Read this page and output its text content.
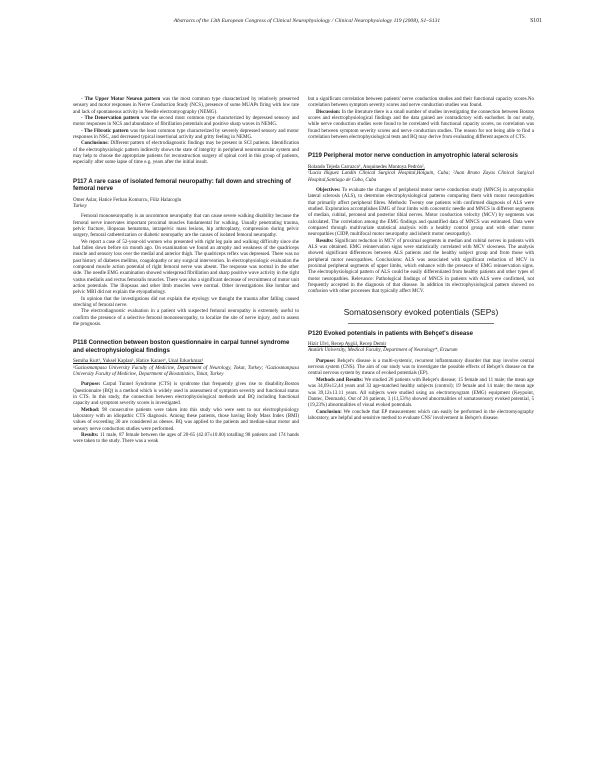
Abstracts of the 13th European Congress of Clinical Neurophysiology / Clinical Neurophysiology 119 (2008), S1–S131	S101

- The Upper Motor Neuron pattern was the most common type characterized by relatively preserved sensory and motor responses in Nerve Conduction Study (NCS), presence of some MUAPs firing with low rate and lack of spontaneous activity in Needle electromyography (NEMG).

- The Denervation pattern was the second most common type characterized by depressed sensory and motor responses in NCS and abundance of fibrillation potentials and positive sharp waves in NEMG.

- The Fibrotic pattern was the least common type characterized by severely depressed sensory and motor responses in NSC, and decreased typical insertional activity and gritty feeling in NEMG.

Conclusions: Different pattern of electrodiagnostic findings may be present in SCI patients. Identification of the electrophysiologic pattern indirectly shows the state of integrity in peripheral neuromuscular system and may help to choose the appropriate patients for reconstruction surgery of spinal cord in this group of patients, especially after some lapse of time e.g. years after the initial insult.

P117 A rare case of isolated femoral neuropathy: fall down and streching of femoral nerve

Omer Aslar, Hatice Ferhan Komurcu, Filiz Halacoglu

Turkey

Femoral mononeuropathy is an uncommon neuropathy that can cause severe walking disability because the femoral nerve innervates important proximal muscles fundamental for walking. Usually penetrating trauma, pelvic fracture, iliopsoas hematoma, intrapelvic mass lesions, hip arthroplasty, compression during pelvic surgery, femoral catheterization or diabetic neuropathy are the causes of isolated femoral neuropathy.

We report a case of 52-year-old women who presented with right leg pain and walking difficulty since she had fallen down before six month ago. On examination we found an atrophy and weakness of the quadriceps muscle and sensory loss over the medial and anterior thigh. The quadriceps reflex was depressed. There was no past history of diabetes mellitus, coagulopathy or any surgical intervention. In electrophysiologic evaluation the compound muscle action potential of right femoral nerve was absent. The response was normal in the other side. The needle EMG examination showed widespread fibrillation and sharp positive wave activity in the right vastus medialis and rectus femoralis muscles. There was also a significant decrease of recruitment of motor unit action potentials. The iliopsoas and other limb muscles were normal. Other investigations like lombar and pelvic MRI did not explain the etyopathology.

In opinion that the investigations did not explain the etyology we thought the trauma after falling caused streching of femoral nerve.

The electrodiagnostic evaluation in a patient with suspected femoral neuropathy is extremely useful to confirm the presence of a selective femoral mononeuropathy, to localize the site of nerve injury, and to assess the prognosis.

P118 Connection between boston questionnaire in carpal tunnel syndrome and electrophysiological findings

Semiha Kurt¹, Yuksel Kaplan¹, Hatice Karaer¹, Unal Erkorkmaz²

¹Gaziosmanpasa University Faculty of Medicine, Department of Neurology, Tokat, Turkey; ²Gaziosmanpasa University Faculty of Medicine, Department of Biostatistics, Tokat, Turkey

Purpose: Carpal Tunnel Syndrome (CTS) is syndrome that frequently gives rise to disability.Boston Questionnaire (BQ) is a method which is widely used in assessment of symptom severity and functional status in CTS. In this study, the connection between electrophysiological methods and BQ including functional capacity and symptom severity scores is investigated.

Method: 98 consecutive patients were taken into this study who were sent to our electrophysiology laboratory with an idiopathic CTS diagnosis. Among these patients, those having Body Mass Index (BMI) values of exceeding 30 are considered as obeses. BQ was applied to the patients and median-ulnar motor and sensory nerve conduction studies were performed.

Results: 11 male, 87 female between the ages of 20-65 (42.07±10.00) totalling 98 patients and 174 hands were taken to the study. There was a weak

but a significant correlation between patients' nerve conduction studies and their functional capacity scores.No correlation between symptom severity scores and nerve conduction studies was found.

Discussion: In the literature there is a small number of studies investigating the connection between Boston scores and electrophysiological findings and the data gained are contradictory with eachother. In our study, while nerve conduction studies were found to be correlated with functional capacity scores, no correlation was found between symptom severity scores and nerve conduction studies. The reason for not being able to find a correlation between electrophysiological tests and BQ may derive from evaluating different aspects of CTS.

P119 Peripheral motor nerve conduction in amyotrophic lateral sclerosis

Rolando Tejeda Carrazco¹, Anquinedes Montoya Pedrón²,

¹Lucía Iñiguez Landín Clinical Surgical Hospital,Holguín, Cuba; ²Juan Bruno Zayas Clinical Surgical Hospital,Santiago de Cuba, Cuba

Objectives: To evaluate the changes of peripheral motor nerve conduction study (MNCS) in amyotrophic lateral sclerosis (ALS), to determine electrophysiological patterns comparing them with motor neuropathies that primarily affect peripheral fibres. Methods: Twenty one patients with confirmed diagnosis of ALS were studied. Exploration accomplishes EMG of four limbs with concentric needle and MNCS in different segments of median, cubital, peroneal and posterior tibial nerves. Motor conduction velocity (MCV) by segments was calculated. The correlation among the EMG findings and quantified data of MNCS was estimated. Data were compared through multivariate statistical analysis with a healthy control group and with other motor neuropathies (CIDP, multifocal motor neuropathy and isherit motor neuropathy).

Results: Significant reduction in MCV of proximal segments in median and cubital nerves in patients with ALS was obtained. EMG reinnervation signs were statistically correlated with MCV slowness. The analysis showed significant differences between ALS patients and the healthy subject group and from those with peripheral motor neuropathies. Conclusions: ALS was associated with significant reduction of MCV in proximal peripheral segments of upper limbs, which enhance with the presence of EMG reinnervation signs. The electrophysiological pattern of ALS could be easily differentiated from healthy patients and other types of motor neuropathies. Relevance: Pathological findings of MNCS in patients with ALS were confirmed, not frequently accepted in the diagnosis of that disease. In addition its electrophysiological pattern showed no confusion with other processes that typically affect MCV.

Somatosensory evoked potentials (SEPs)
P120 Evoked potentials in patients with Behçet's disease

Hizir Ulvi, Recep Aygül, Recep Demir

Atatürk University, Medical Faculty, Department of Neurology*, Erzurum

Purpose: Behçet's disease is a multi-systemic, recurrent inflammatory disorder that may involve central nervous system (CNS). The aim of our study was to investigate the possible effects of Behçet's disease on the central nervous system by means of evoked potentials (EP).

Methods and Results: We studied 26 patients with Behçet's disease; 15 female and 11 male; the mean age was 34,69±12,44 years and 33 age-matched healthy subjects (control); 19 female and 14 male; the mean age was 39,12±13.11 years. All subjects were studied using an electromyogram (EMG) equipment (Keypoint, Dantec, Denmark). Out of 26 patients, 3 (11,53%) showed abnormalities of somatosensory evoked potential, 5 (19,23%) abnormalities of visual evoked potentials.

Conclusion: We conclude that EP measurement which can easily be performed in the electromyography laboratory, are helpful and sensitive method to evaluate CNS' involvement in Behçet's disease.
